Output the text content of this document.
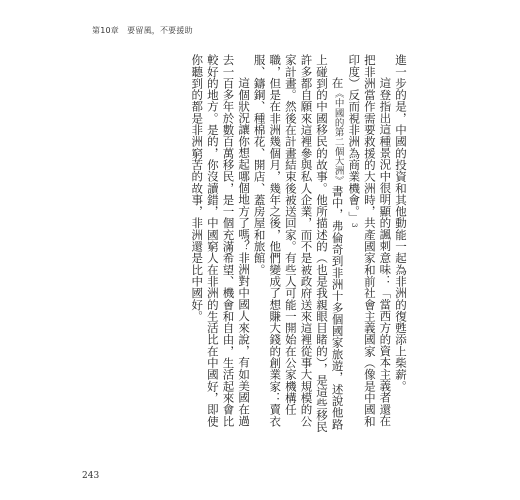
第10章　要留風，不要援助

進一步的是，中國的投資和其他動能一起為非洲的復甦添上柴薪。

這登指出這種景況中很明顯的諷刺意味：「當西方的資本主義者還在把非洲當作需要救援的大洲時，共產國家和前社會主義國家（像是中國和印度）反而視非洲為商業機會。」3

在《中國的第二個大洲》書中，弗倫奇到非洲十多個國家旅遊，述說他路上碰到的中國移民的故事。他所描述的（也是我親眼目睹的），是這些移民許多都自願來這裡參與私人企業，而不是被政府送來這裡從事大規模的公家計畫。然後在計畫結束後被送回家。有些人可能一開始在公家機構任職，但是在非洲幾個月，幾年之後，他們變成了想賺大錢的創業家：賣衣服、鑄銅、種棉花、開店、蓋房屋和旅館。

這個狀況讓你想起哪個地方了嗎？非洲對中國人來說，有如美國在過去一百多年於數百萬移民，是一個充滿希望、機會和自由，生活起來會比較好的地方。是的，你沒讀錯，中國窮人在非洲的生活比在中國好，即使你聽到的都是非洲窮苦的故事，非洲還是比中國好。

243
